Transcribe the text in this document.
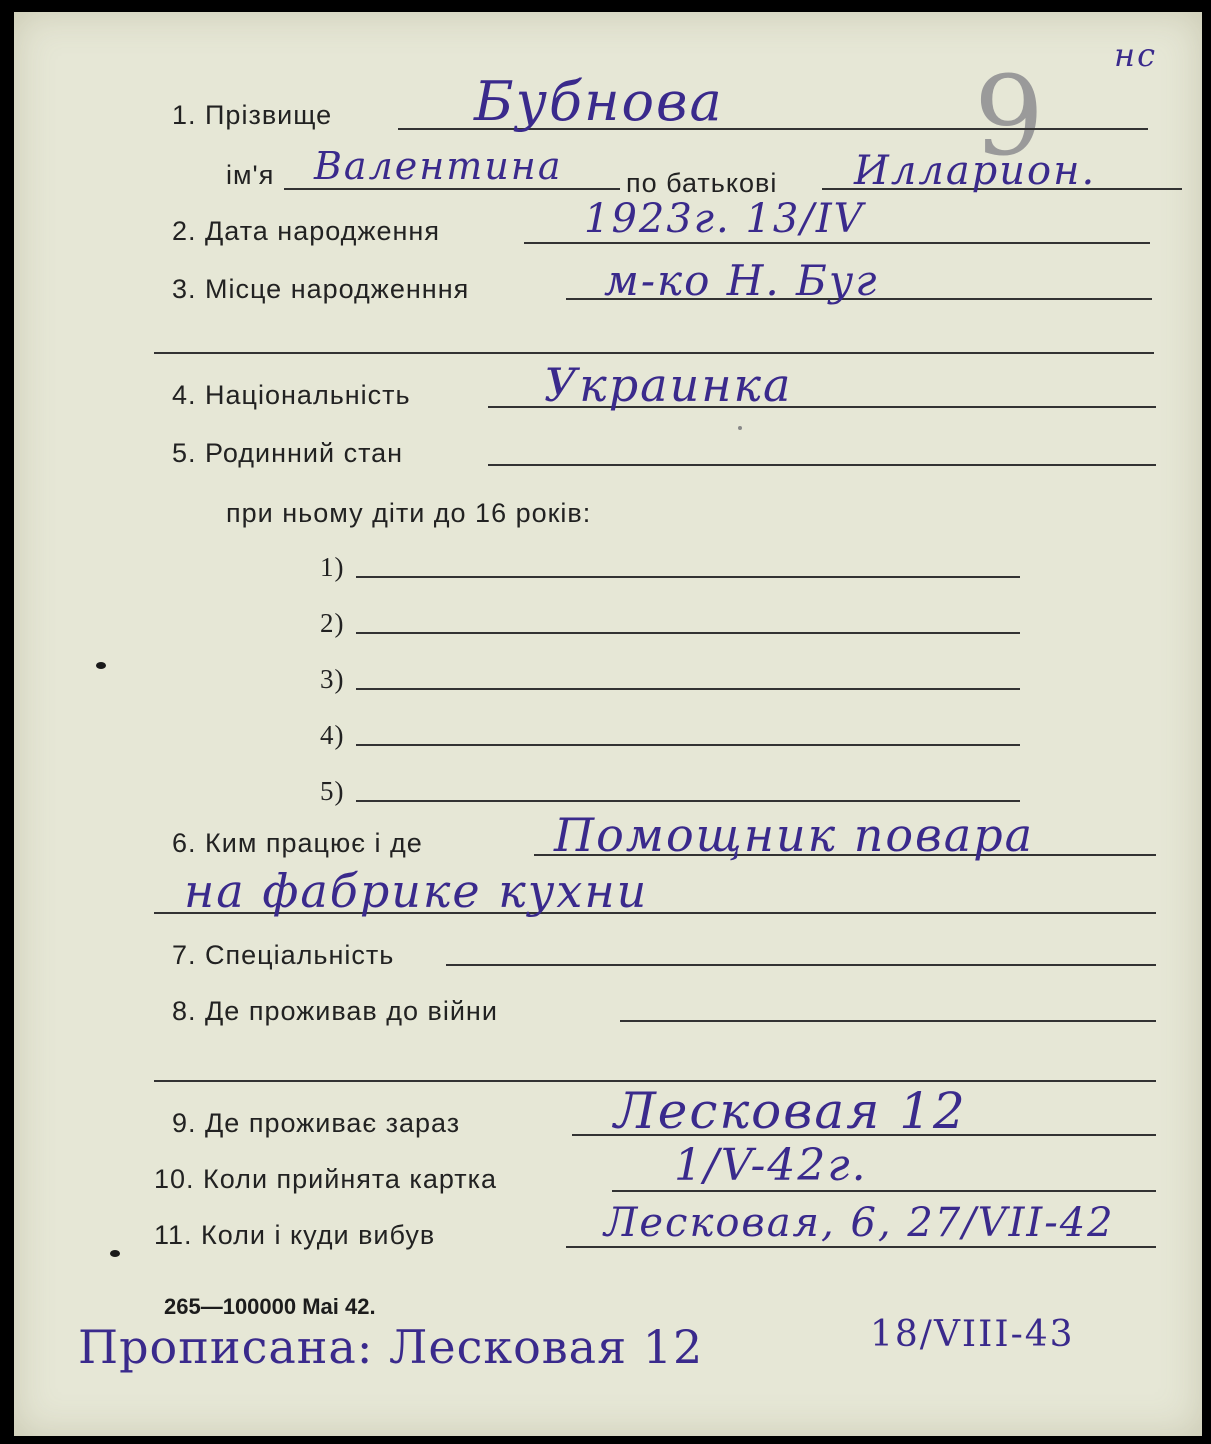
нс
9
1. Прізвище	Бубнова
ім'я Валентина по батькові Илларион.
2. Дата народження	1923г. 13/IV
3. Місце народженння	м-ко Н. Буг
4. Національність	Украинка
5. Родинний стан
при ньому діти до 16 років:
1)
2)
3)
4)
5)
6. Ким працює і де	Помощник повара
на фабрике кухни
7. Спеціальність
8. Де проживав до війни
9. Де проживає зараз	Лесковая 12
10. Коли прийнята картка	1/V-42г.
11. Коли і куди вибув	Лесковая, 6, 27/VII-42
265—100000 Mai 42.
Прописана: Лесковая 12	18/VIII-43
